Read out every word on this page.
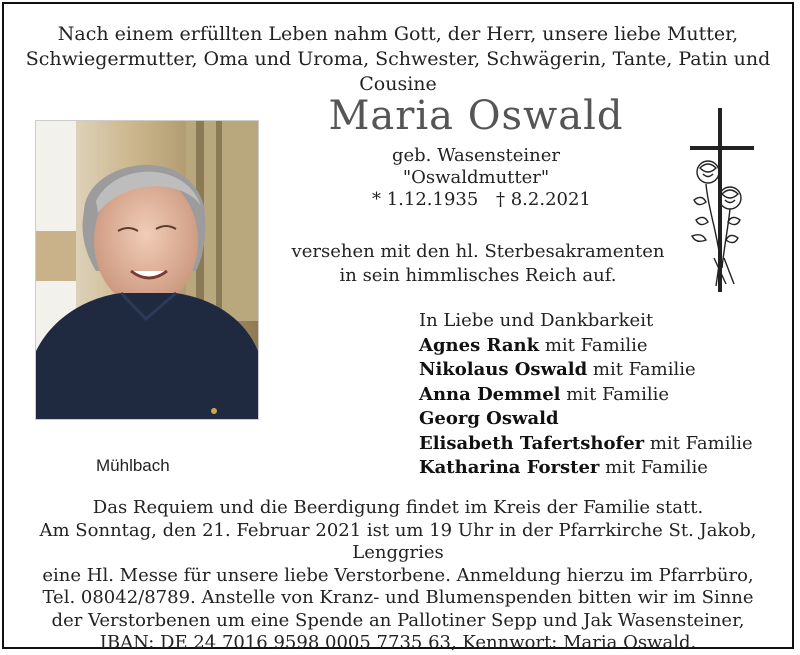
Nach einem erfüllten Leben nahm Gott, der Herr, unsere liebe Mutter,
Schwiegermutter, Oma und Uroma, Schwester, Schwägerin, Tante, Patin und Cousine
Maria Oswald
geb. Wasensteiner
"Oswaldmutter"
* 1.12.1935 † 8.2.2021
Mühlbach
versehen mit den hl. Sterbesakramenten
in sein himmlisches Reich auf.
In Liebe und Dankbarkeit
Agnes Rank mit Familie
Nikolaus Oswald mit Familie
Anna Demmel mit Familie
Georg Oswald
Elisabeth Tafertshofer mit Familie
Katharina Forster mit Familie
Das Requiem und die Beerdigung findet im Kreis der Familie statt.
Am Sonntag, den 21. Februar 2021 ist um 19 Uhr in der Pfarrkirche St. Jakob, Lenggries
eine Hl. Messe für unsere liebe Verstorbene. Anmeldung hierzu im Pfarrbüro,
Tel. 08042/8789. Anstelle von Kranz- und Blumenspenden bitten wir im Sinne
der Verstorbenen um eine Spende an Pallotiner Sepp und Jak Wasensteiner,
IBAN: DE 24 7016 9598 0005 7735 63, Kennwort: Maria Oswald.
